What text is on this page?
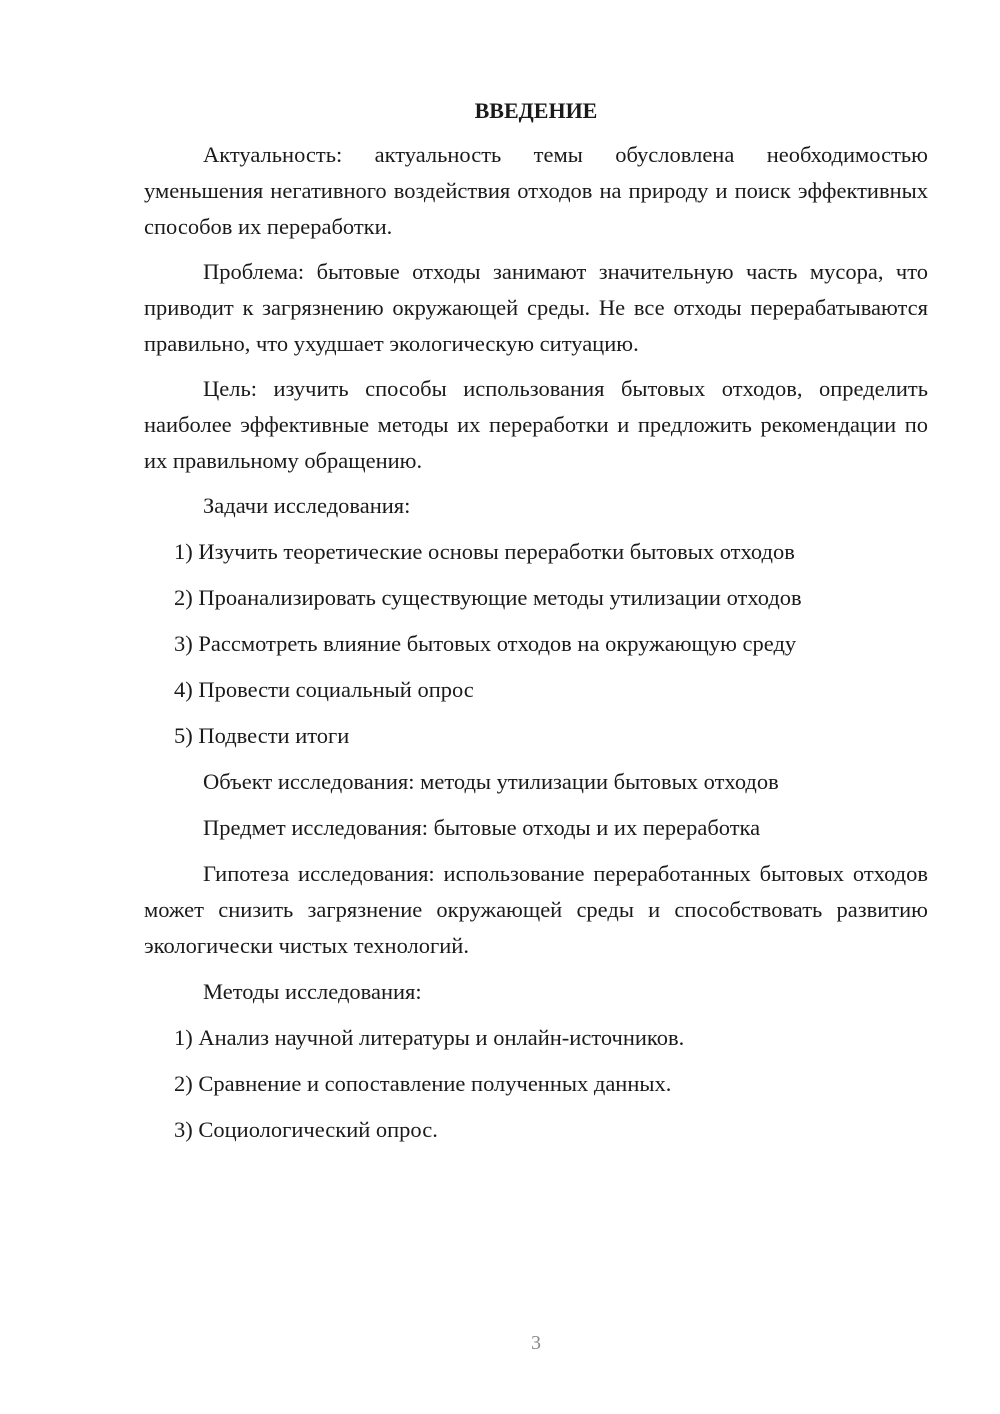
ВВЕДЕНИЕ

Актуальность: актуальность темы обусловлена необходимостью уменьшения негативного воздействия отходов на природу и поиск эффективных способов их переработки.

Проблема: бытовые отходы занимают значительную часть мусора, что приводит к загрязнению окружающей среды. Не все отходы перерабатываются правильно, что ухудшает экологическую ситуацию.

Цель: изучить способы использования бытовых отходов, определить наиболее эффективные методы их переработки и предложить рекомендации по их правильному обращению.

Задачи исследования:

1) Изучить теоретические основы переработки бытовых отходов

2) Проанализировать существующие методы утилизации отходов

3) Рассмотреть влияние бытовых отходов на окружающую среду

4) Провести социальный опрос

5) Подвести итоги

Объект исследования: методы утилизации бытовых отходов

Предмет исследования: бытовые отходы и их переработка

Гипотеза исследования: использование переработанных бытовых отходов может снизить загрязнение окружающей среды и способствовать развитию экологически чистых технологий.

Методы исследования:

1) Анализ научной литературы и онлайн-источников.

2) Сравнение и сопоставление полученных данных.

3) Социологический опрос.

3
